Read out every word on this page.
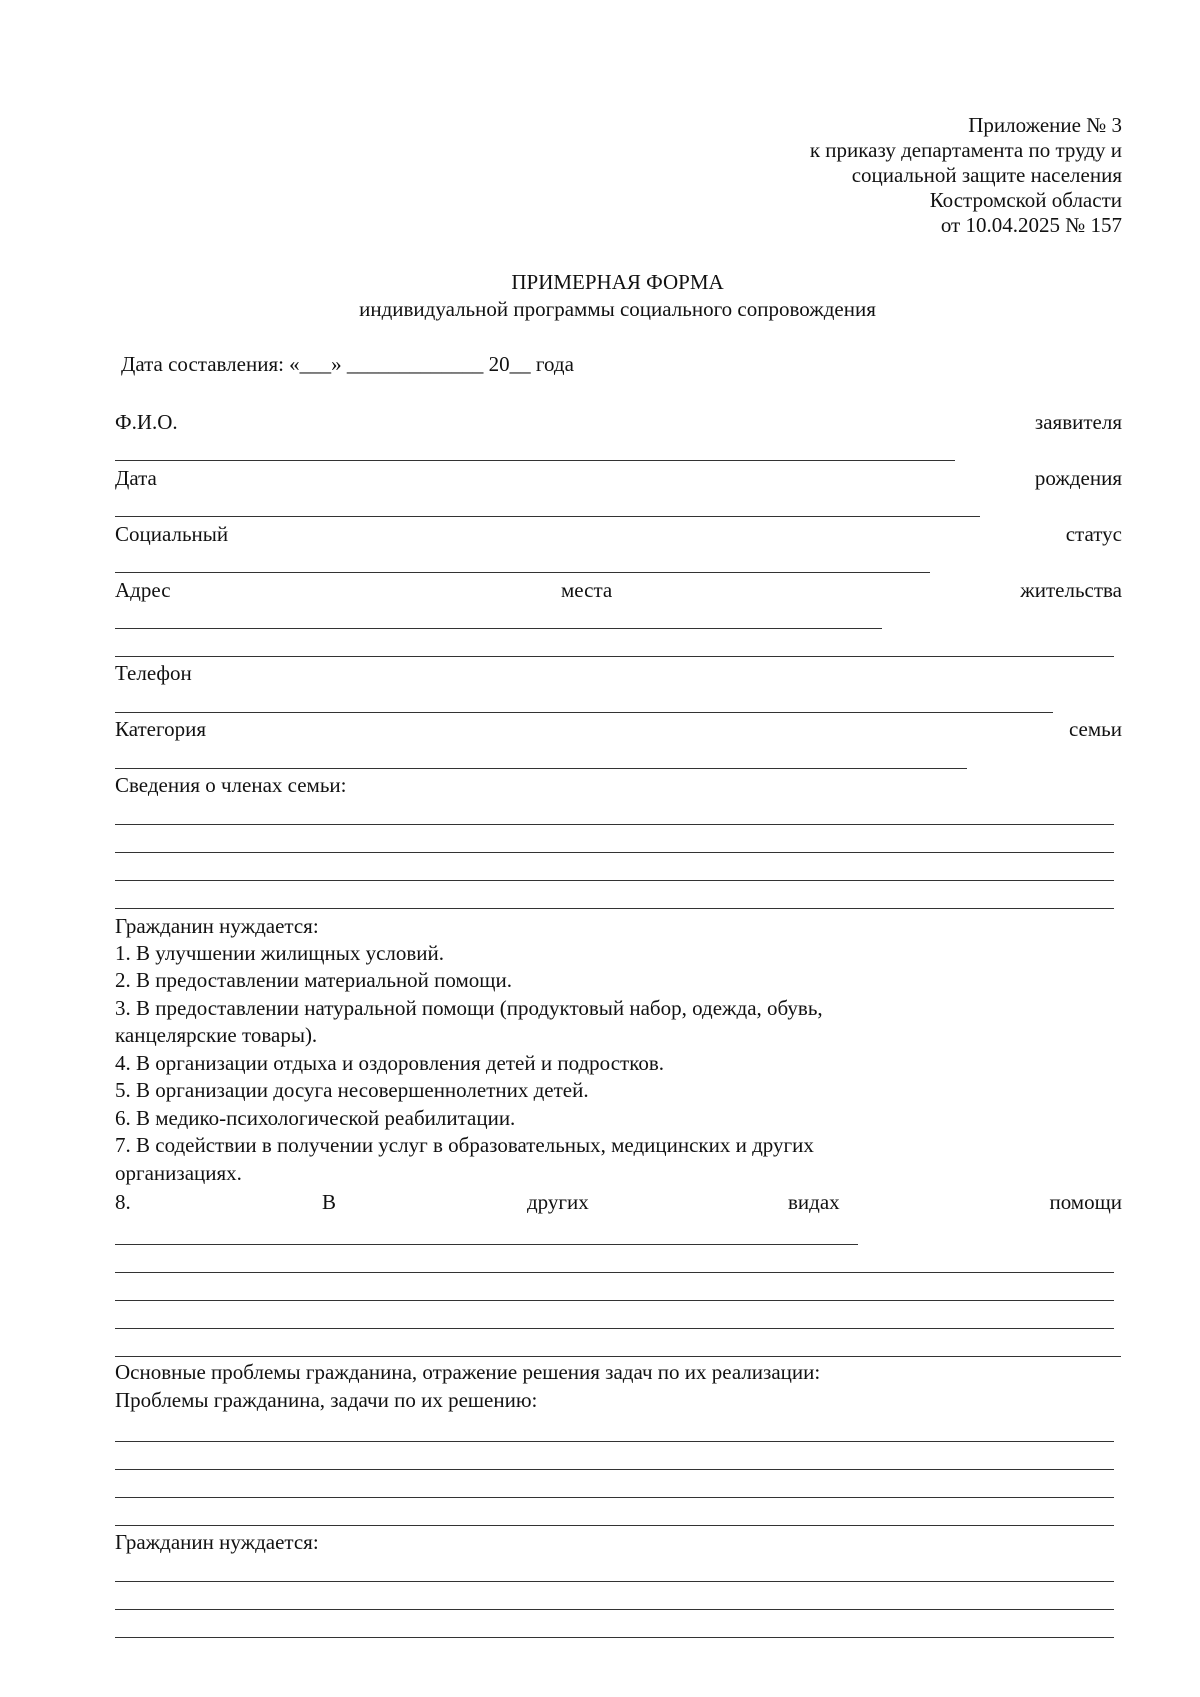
Приложение № 3
к приказу департамента по труду и
социальной защите населения
Костромской области
от 10.04.2025 № 157
ПРИМЕРНАЯ ФОРМА
индивидуальной программы социального сопровождения
Дата составления: «___» _____________ 20__ года
Ф.И.О.	заявителя
Дата	рождения
Социальный	статус
Адрес	места	жительства
Телефон
Категория	семьи
Сведения о членах семьи:
Гражданин нуждается:
1. В улучшении жилищных условий.
2. В предоставлении материальной помощи.
3. В предоставлении натуральной помощи (продуктовый набор, одежда, обувь,
канцелярские товары).
4. В организации отдыха и оздоровления детей и подростков.
5. В организации досуга несовершеннолетних детей.
6. В медико-психологической реабилитации.
7. В содействии в получении услуг в образовательных, медицинских и других
организациях.
8.	В	других	видах	помощи
Основные проблемы гражданина, отражение решения задач по их реализации:
Проблемы гражданина, задачи по их решению:
Гражданин нуждается:
